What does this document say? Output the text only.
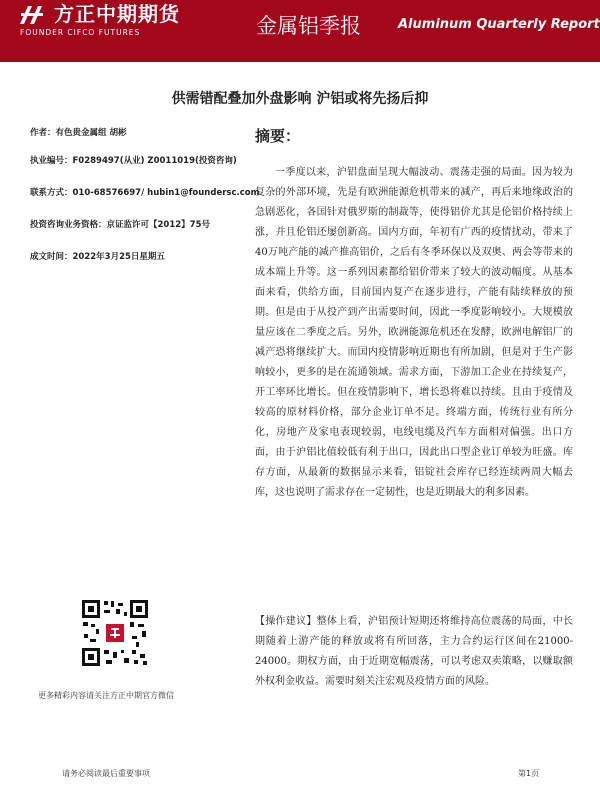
方正中期期货
FOUNDER CIFCO FUTURES	金属铝季报	Aluminum Quarterly Report
供需错配叠加外盘影响 沪铝或将先扬后抑
作者：有色贵金属组 胡彬
执业编号：F0289497(从业) Z0011019(投资咨询)
联系方式：010-68576697/ hubin1@foundersc.com
投资咨询业务资格：京证监许可【2012】75号
成文时间：2022年3月25日星期五
摘要：

一季度以来，沪铝盘面呈现大幅波动、震荡走强的局面。因为较为复杂的外部环境，先是有欧洲能源危机带来的减产，再后来地缘政治的急剧恶化，各国针对俄罗斯的制裁等，使得铝价尤其是伦铝价格持续上涨，并且伦铝还屡创新高。国内方面，年初有广西的疫情扰动，带来了40万吨产能的减产推高铝价，之后有冬季环保以及双奥、两会等带来的成本端上升等。这一系列因素都给铝价带来了较大的波动幅度。从基本面来看，供给方面，目前国内复产在逐步进行，产能有陆续释放的预期。但是由于从投产到产出需要时间，因此一季度影响较小。大规模放量应该在二季度之后。另外，欧洲能源危机还在发酵，欧洲电解铝厂的减产恐将继续扩大。而国内疫情影响近期也有所加剧，但是对于生产影响较小，更多的是在流通领域。需求方面，下游加工企业在持续复产，开工率环比增长。但在疫情影响下，增长恐将难以持续。且由于疫情及较高的原材料价格，部分企业订单不足。终端方面，传统行业有所分化，房地产及家电表现较弱，电线电缆及汽车方面相对偏强。出口方面，由于沪铝比值较低有利于出口，因此出口型企业订单较为旺盛。库存方面，从最新的数据显示来看，铝锭社会库存已经连续两周大幅去库，这也说明了需求存在一定韧性，也是近期最大的利多因素。

【操作建议】整体上看，沪铝预计短期还将维持高位震荡的局面，中长期随着上游产能的释放或将有所回落，主力合约运行区间在21000-24000。期权方面，由于近期宽幅震荡，可以考虑双卖策略，以赚取额外权利金收益。需要时刻关注宏观及疫情方面的风险。

更多精彩内容请关注方正中期官方微信
请务必阅读最后重要事项	第1页
